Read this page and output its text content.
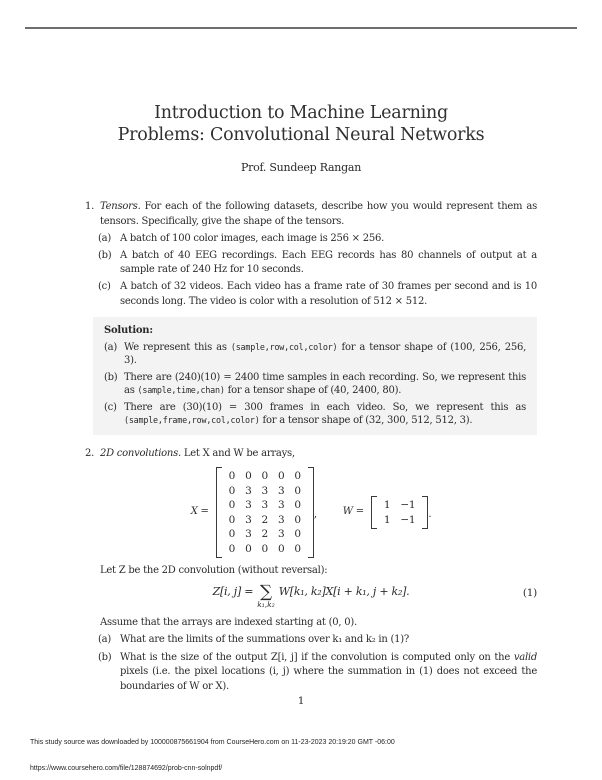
Introduction to Machine Learning
Problems: Convolutional Neural Networks
Prof. Sundeep Rangan
1. Tensors. For each of the following datasets, describe how you would represent them as tensors. Specifically, give the shape of the tensors.
(a) A batch of 100 color images, each image is 256 × 256.
(b) A batch of 40 EEG recordings. Each EEG records has 80 channels of output at a sample rate of 240 Hz for 10 seconds.
(c) A batch of 32 videos. Each video has a frame rate of 30 frames per second and is 10 seconds long. The video is color with a resolution of 512 × 512.
Solution:
(a) We represent this as (sample,row,col,color) for a tensor shape of (100, 256, 256, 3).
(b) There are (240)(10) = 2400 time samples in each recording. So, we represent this as (sample,time,chan) for a tensor shape of (40, 2400, 80).
(c) There are (30)(10) = 300 frames in each video. So, we represent this as (sample,frame,row,col,color) for a tensor shape of (32, 300, 512, 512, 3).
2. 2D convolutions. Let X and W be arrays,
X =
0 0 0 0 0
0 3 3 3 0
0 3 3 3 0
0 3 2 3 0
0 3 2 3 0
0 0 0 0 0
,	W =
1 −1
1 −1	.
Let Z be the 2D convolution (without reversal):
Z[i, j] = ∑
k₁,k₂
W[k₁, k₂]X[i + k₁, j + k₂].	(1)
Assume that the arrays are indexed starting at (0, 0).
(a) What are the limits of the summations over k₁ and k₂ in (1)?
(b) What is the size of the output Z[i, j] if the convolution is computed only on the valid pixels (i.e. the pixel locations (i, j) where the summation in (1) does not exceed the boundaries of W or X).
1
This study source was downloaded by 100000875661904 from CourseHero.com on 11-23-2023 20:19:20 GMT -06:00
https://www.coursehero.com/file/128874692/prob-cnn-solnpdf/
